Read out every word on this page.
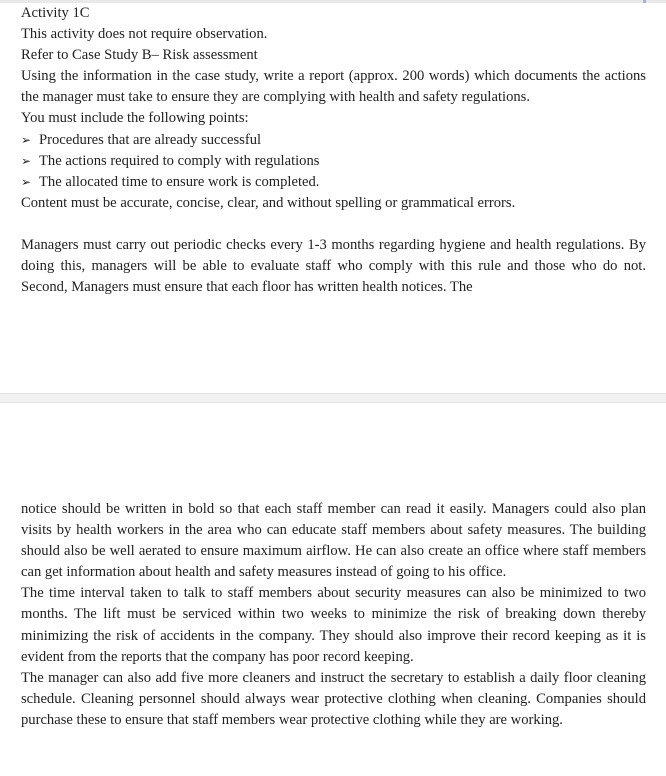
Activity 1C

This activity does not require observation.

Refer to Case Study B– Risk assessment

Using the information in the case study, write a report (approx. 200 words) which documents the actions the manager must take to ensure they are complying with health and safety regulations.

You must include the following points:

➢ Procedures that are already successful
➢ The actions required to comply with regulations
➢ The allocated time to ensure work is completed.

Content must be accurate, concise, clear, and without spelling or grammatical errors.

Managers must carry out periodic checks every 1-3 months regarding hygiene and health regulations. By doing this, managers will be able to evaluate staff who comply with this rule and those who do not. Second, Managers must ensure that each floor has written health notices. The

notice should be written in bold so that each staff member can read it easily. Managers could also plan visits by health workers in the area who can educate staff members about safety measures. The building should also be well aerated to ensure maximum airflow. He can also create an office where staff members can get information about health and safety measures instead of going to his office.

The time interval taken to talk to staff members about security measures can also be minimized to two months. The lift must be serviced within two weeks to minimize the risk of breaking down thereby minimizing the risk of accidents in the company. They should also improve their record keeping as it is evident from the reports that the company has poor record keeping.

The manager can also add five more cleaners and instruct the secretary to establish a daily floor cleaning schedule. Cleaning personnel should always wear protective clothing when cleaning. Companies should purchase these to ensure that staff members wear protective clothing while they are working.
